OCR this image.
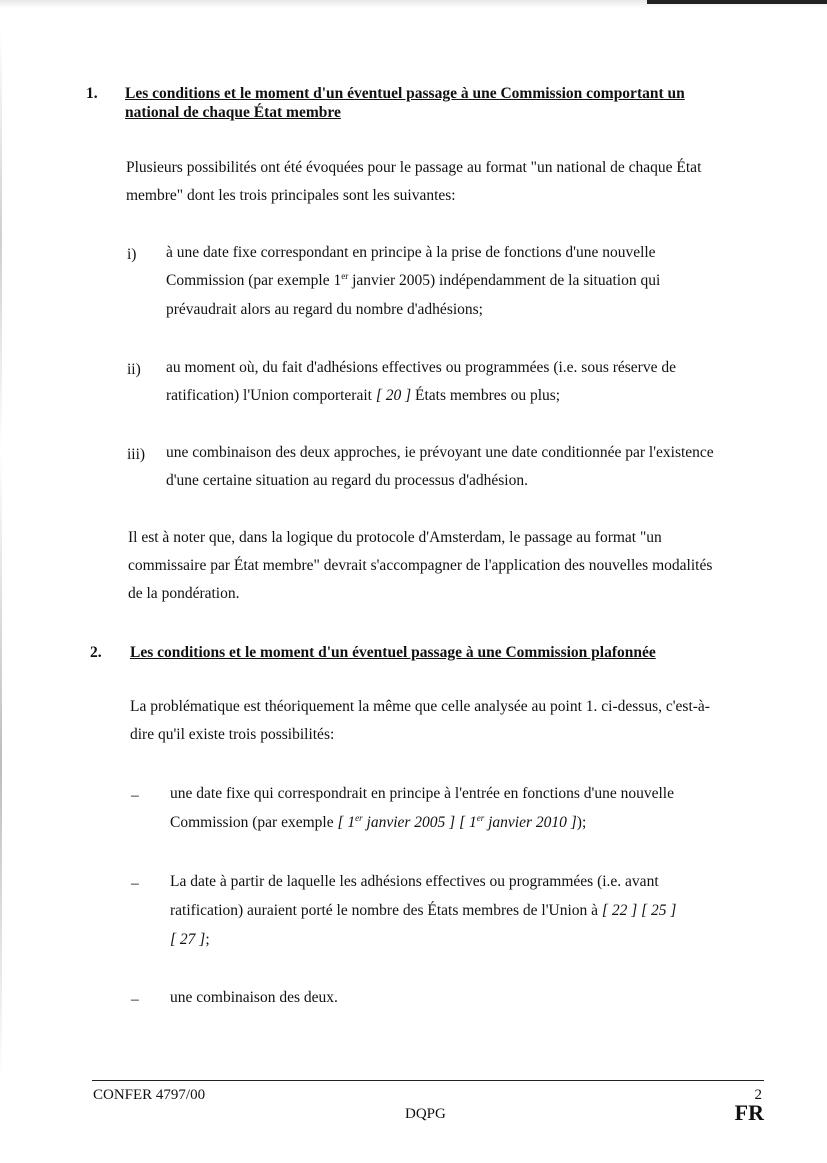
1. Les conditions et le moment d'un éventuel passage à une Commission comportant un
national de chaque État membre
Plusieurs possibilités ont été évoquées pour le passage au format "un national de chaque État
membre" dont les trois principales sont les suivantes:
i) à une date fixe correspondant en principe à la prise de fonctions d'une nouvelle
Commission (par exemple 1er janvier 2005) indépendamment de la situation qui
prévaudrait alors au regard du nombre d'adhésions;
ii) au moment où, du fait d'adhésions effectives ou programmées (i.e. sous réserve de
ratification) l'Union comporterait [ 20 ] États membres ou plus;
iii) une combinaison des deux approches, ie prévoyant une date conditionnée par l'existence
d'une certaine situation au regard du processus d'adhésion.
Il est à noter que, dans la logique du protocole d'Amsterdam, le passage au format "un
commissaire par État membre" devrait s'accompagner de l'application des nouvelles modalités
de la pondération.
2. Les conditions et le moment d'un éventuel passage à une Commission plafonnée
La problématique est théoriquement la même que celle analysée au point 1. ci-dessus, c'est-à-
dire qu'il existe trois possibilités:
– une date fixe qui correspondrait en principe à l'entrée en fonctions d'une nouvelle
Commission (par exemple [ 1er janvier 2005 ] [ 1er janvier 2010 ]);
– La date à partir de laquelle les adhésions effectives ou programmées (i.e. avant
ratification) auraient porté le nombre des États membres de l'Union à [ 22 ] [ 25 ]
[ 27 ];
– une combinaison des deux.
CONFER 4797/00	2
DQPG	FR
